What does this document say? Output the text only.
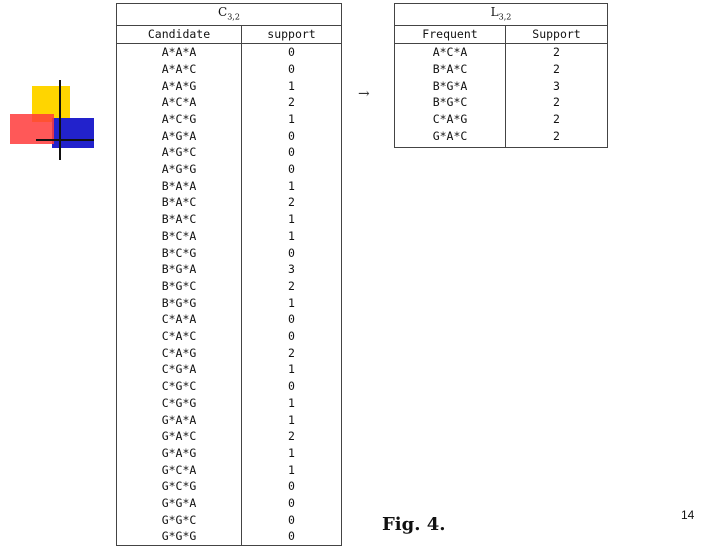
$C_{3,2}$
Candidate	support
A*A*A	0
A*A*C	0
A*A*G	1
A*C*A	2
A*C*G	1
A*G*A	0
A*G*C	0
A*G*G	0
B*A*A	1
B*A*C	2
B*A*C	1
B*C*A	1
B*C*G	0
B*G*A	3
B*G*C	2
B*G*G	1
C*A*A	0
C*A*C	0
C*A*G	2
C*G*A	1
C*G*C	0
C*G*G	1
G*A*A	1
G*A*C	2
G*A*G	1
G*C*A	1
G*C*G	0
G*G*A	0
G*G*C	0
G*G*G	0
→
$L_{3,2}$
Frequent	Support
A*C*A	2
B*A*C	2
B*G*A	3
B*G*C	2
C*A*G	2
G*A*C	2
Fig. 4.	14
